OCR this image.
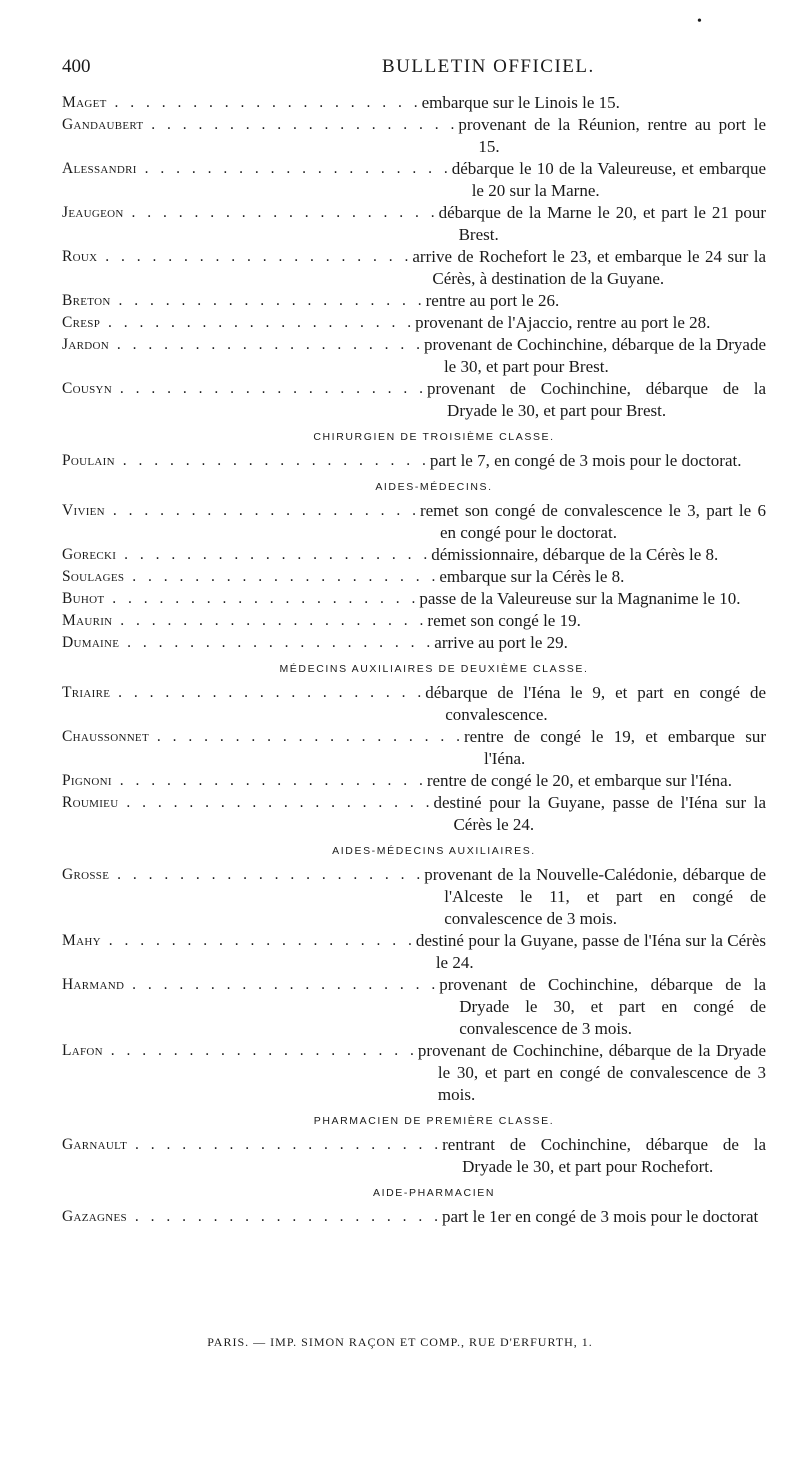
•
400	BULLETIN OFFICIEL.
Maget . . . . . . . . . . . . . . . . . . . . embarque sur le Linois le 15.
Gandaubert . . . . . . . . . . . . . . . . . . . . provenant de la Réunion, rentre au port le 15.
Alessandri . . . . . . . . . . . . . . . . . . . . débarque le 10 de la Valeureuse, et embarque le 20 sur la Marne.
Jeaugeon . . . . . . . . . . . . . . . . . . . . débarque de la Marne le 20, et part le 21 pour Brest.
Roux . . . . . . . . . . . . . . . . . . . . arrive de Rochefort le 23, et embarque le 24 sur la Cérès, à destination de la Guyane.
Breton . . . . . . . . . . . . . . . . . . . . rentre au port le 26.
Cresp . . . . . . . . . . . . . . . . . . . . provenant de l'Ajaccio, rentre au port le 28.
Jardon . . . . . . . . . . . . . . . . . . . . provenant de Cochinchine, débarque de la Dryade le 30, et part pour Brest.
Cousyn . . . . . . . . . . . . . . . . . . . . provenant de Cochinchine, débarque de la Dryade le 30, et part pour Brest.
CHIRURGIEN DE TROISIÈME CLASSE.
Poulain . . . . . . . . . . . . . . . . . . . . part le 7, en congé de 3 mois pour le doctorat.
AIDES-MÉDECINS.
Vivien . . . . . . . . . . . . . . . . . . . . remet son congé de convalescence le 3, part le 6 en congé pour le doctorat.
Gorecki . . . . . . . . . . . . . . . . . . . . démissionnaire, débarque de la Cérès le 8.
Soulages . . . . . . . . . . . . . . . . . . . . embarque sur la Cérès le 8.
Buhot . . . . . . . . . . . . . . . . . . . . passe de la Valeureuse sur la Magnanime le 10.
Maurin . . . . . . . . . . . . . . . . . . . . remet son congé le 19.
Dumaine . . . . . . . . . . . . . . . . . . . . arrive au port le 29.
MÉDECINS AUXILIAIRES DE DEUXIÈME CLASSE.
Triaire . . . . . . . . . . . . . . . . . . . . débarque de l'Iéna le 9, et part en congé de convalescence.
Chaussonnet . . . . . . . . . . . . . . . . . . . . rentre de congé le 19, et embarque sur l'Iéna.
Pignoni . . . . . . . . . . . . . . . . . . . . rentre de congé le 20, et embarque sur l'Iéna.
Roumieu . . . . . . . . . . . . . . . . . . . . destiné pour la Guyane, passe de l'Iéna sur la Cérès le 24.
AIDES-MÉDECINS AUXILIAIRES.
Grosse . . . . . . . . . . . . . . . . . . . . provenant de la Nouvelle-Calédonie, débarque de l'Alceste le 11, et part en congé de convalescence de 3 mois.
Mahy . . . . . . . . . . . . . . . . . . . . destiné pour la Guyane, passe de l'Iéna sur la Cérès le 24.
Harmand . . . . . . . . . . . . . . . . . . . . provenant de Cochinchine, débarque de la Dryade le 30, et part en congé de convalescence de 3 mois.
Lafon . . . . . . . . . . . . . . . . . . . . provenant de Cochinchine, débarque de la Dryade le 30, et part en congé de convalescence de 3 mois.
PHARMACIEN DE PREMIÈRE CLASSE.
Garnault . . . . . . . . . . . . . . . . . . . . rentrant de Cochinchine, débarque de la Dryade le 30, et part pour Rochefort.
AIDE-PHARMACIEN
Gazagnes . . . . . . . . . . . . . . . . . . . . part le 1er en congé de 3 mois pour le doctorat
PARIS. — IMP. SIMON RAÇON ET COMP., RUE D'ERFURTH, 1.
